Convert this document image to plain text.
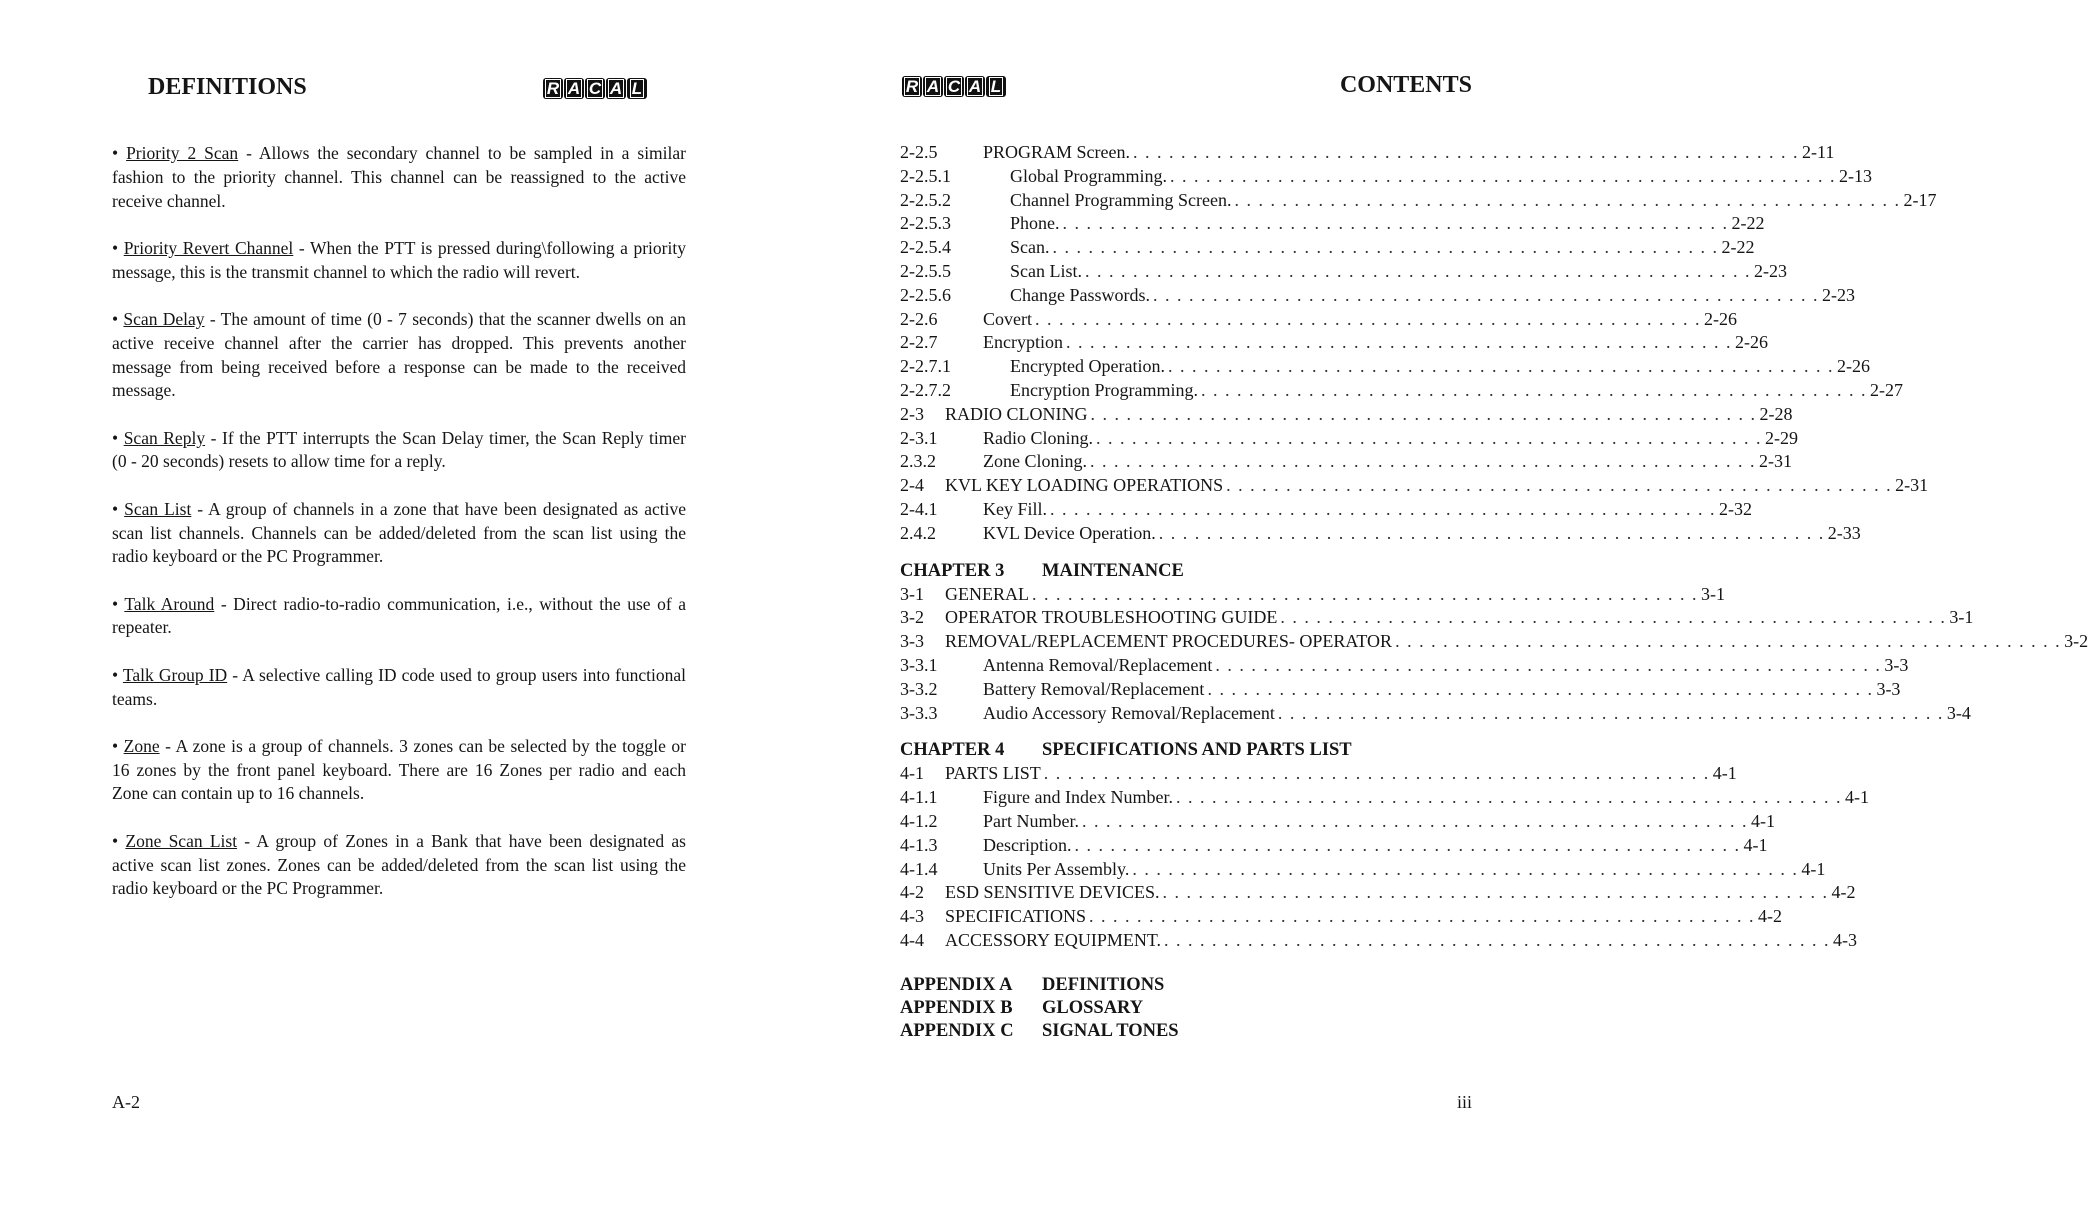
DEFINITIONS	R A C A L
• Priority 2 Scan - Allows the secondary channel to be sampled in a similar fashion to the priority channel. This channel can be reassigned to the active receive channel.
• Priority Revert Channel - When the PTT is pressed during\following a priority message, this is the transmit channel to which the radio will revert.
• Scan Delay - The amount of time (0 - 7 seconds) that the scanner dwells on an active receive channel after the carrier has dropped. This prevents another message from being received before a response can be made to the received message.
• Scan Reply - If the PTT interrupts the Scan Delay timer, the Scan Reply timer (0 - 20 seconds) resets to allow time for a reply.
• Scan List - A group of channels in a zone that have been designated as active scan list channels. Channels can be added/deleted from the scan list using the radio keyboard or the PC Programmer.
• Talk Around - Direct radio-to-radio communication, i.e., without the use of a repeater.
• Talk Group ID - A selective calling ID code used to group users into functional teams.
• Zone - A zone is a group of channels. 3 zones can be selected by the toggle or 16 zones by the front panel keyboard. There are 16 Zones per radio and each Zone can contain up to 16 channels.
• Zone Scan List - A group of Zones in a Bank that have been designated as active scan list zones. Zones can be added/deleted from the scan list using the radio keyboard or the PC Programmer.
A-2
R A C A L	CONTENTS
2-2.5	PROGRAM Screen. . . . . . . . . . . . . . . . . . . . . . . . . . . . . . . . . . . . . . . . . . . . . . . . . . . . . . . . . 2-11
2-2.5.1	Global Programming. . . . . . . . . . . . . . . . . . . . . . . . . . . . . . . . . . . . . . . . . . . . . . . . . . . . . . . . . 2-13
2-2.5.2	Channel Programming Screen. . . . . . . . . . . . . . . . . . . . . . . . . . . . . . . . . . . . . . . . . . . . . . . . . . . . . . . . . 2-17
2-2.5.3	Phone. . . . . . . . . . . . . . . . . . . . . . . . . . . . . . . . . . . . . . . . . . . . . . . . . . . . . . . . . 2-22
2-2.5.4	Scan. . . . . . . . . . . . . . . . . . . . . . . . . . . . . . . . . . . . . . . . . . . . . . . . . . . . . . . . . 2-22
2-2.5.5	Scan List. . . . . . . . . . . . . . . . . . . . . . . . . . . . . . . . . . . . . . . . . . . . . . . . . . . . . . . . . 2-23
2-2.5.6	Change Passwords. . . . . . . . . . . . . . . . . . . . . . . . . . . . . . . . . . . . . . . . . . . . . . . . . . . . . . . . . 2-23
2-2.6	Covert . . . . . . . . . . . . . . . . . . . . . . . . . . . . . . . . . . . . . . . . . . . . . . . . . . . . . . . . 2-26
2-2.7	Encryption . . . . . . . . . . . . . . . . . . . . . . . . . . . . . . . . . . . . . . . . . . . . . . . . . . . . . . . . 2-26
2-2.7.1	Encrypted Operation. . . . . . . . . . . . . . . . . . . . . . . . . . . . . . . . . . . . . . . . . . . . . . . . . . . . . . . . . 2-26
2-2.7.2	Encryption Programming. . . . . . . . . . . . . . . . . . . . . . . . . . . . . . . . . . . . . . . . . . . . . . . . . . . . . . . . . 2-27
2-3 RADIO CLONING . . . . . . . . . . . . . . . . . . . . . . . . . . . . . . . . . . . . . . . . . . . . . . . . . . . . . . . . 2-28
2-3.1	Radio Cloning. . . . . . . . . . . . . . . . . . . . . . . . . . . . . . . . . . . . . . . . . . . . . . . . . . . . . . . . . 2-29
2.3.2	Zone Cloning. . . . . . . . . . . . . . . . . . . . . . . . . . . . . . . . . . . . . . . . . . . . . . . . . . . . . . . . . 2-31
2-4 KVL KEY LOADING OPERATIONS . . . . . . . . . . . . . . . . . . . . . . . . . . . . . . . . . . . . . . . . . . . . . . . . . . . . . . . . 2-31
2-4.1	Key Fill. . . . . . . . . . . . . . . . . . . . . . . . . . . . . . . . . . . . . . . . . . . . . . . . . . . . . . . . . 2-32
2.4.2	KVL Device Operation. . . . . . . . . . . . . . . . . . . . . . . . . . . . . . . . . . . . . . . . . . . . . . . . . . . . . . . . . 2-33
CHAPTER 3 MAINTENANCE
3-1 GENERAL . . . . . . . . . . . . . . . . . . . . . . . . . . . . . . . . . . . . . . . . . . . . . . . . . . . . . . . . 3-1
3-2 OPERATOR TROUBLESHOOTING GUIDE . . . . . . . . . . . . . . . . . . . . . . . . . . . . . . . . . . . . . . . . . . . . . . . . . . . . . . . . 3-1
3-3 REMOVAL/REPLACEMENT PROCEDURES- OPERATOR . . . . . . . . . . . . . . . . . . . . . . . . . . . . . . . . . . . . . . . . . . . . . . . . . . . . . . . . 3-2
3-3.1	Antenna Removal/Replacement . . . . . . . . . . . . . . . . . . . . . . . . . . . . . . . . . . . . . . . . . . . . . . . . . . . . . . . . 3-3
3-3.2	Battery Removal/Replacement . . . . . . . . . . . . . . . . . . . . . . . . . . . . . . . . . . . . . . . . . . . . . . . . . . . . . . . . 3-3
3-3.3	Audio Accessory Removal/Replacement . . . . . . . . . . . . . . . . . . . . . . . . . . . . . . . . . . . . . . . . . . . . . . . . . . . . . . . . 3-4
CHAPTER 4 SPECIFICATIONS AND PARTS LIST
4-1 PARTS LIST . . . . . . . . . . . . . . . . . . . . . . . . . . . . . . . . . . . . . . . . . . . . . . . . . . . . . . . . 4-1
4-1.1	Figure and Index Number. . . . . . . . . . . . . . . . . . . . . . . . . . . . . . . . . . . . . . . . . . . . . . . . . . . . . . . . . 4-1
4-1.2	Part Number. . . . . . . . . . . . . . . . . . . . . . . . . . . . . . . . . . . . . . . . . . . . . . . . . . . . . . . . . 4-1
4-1.3	Description. . . . . . . . . . . . . . . . . . . . . . . . . . . . . . . . . . . . . . . . . . . . . . . . . . . . . . . . . 4-1
4-1.4	Units Per Assembly. . . . . . . . . . . . . . . . . . . . . . . . . . . . . . . . . . . . . . . . . . . . . . . . . . . . . . . . . 4-1
4-2 ESD SENSITIVE DEVICES. . . . . . . . . . . . . . . . . . . . . . . . . . . . . . . . . . . . . . . . . . . . . . . . . . . . . . . . . 4-2
4-3 SPECIFICATIONS . . . . . . . . . . . . . . . . . . . . . . . . . . . . . . . . . . . . . . . . . . . . . . . . . . . . . . . . 4-2
4-4 ACCESSORY EQUIPMENT. . . . . . . . . . . . . . . . . . . . . . . . . . . . . . . . . . . . . . . . . . . . . . . . . . . . . . . . . 4-3
APPENDIX A DEFINITIONS
APPENDIX B GLOSSARY
APPENDIX C SIGNAL TONES
iii
